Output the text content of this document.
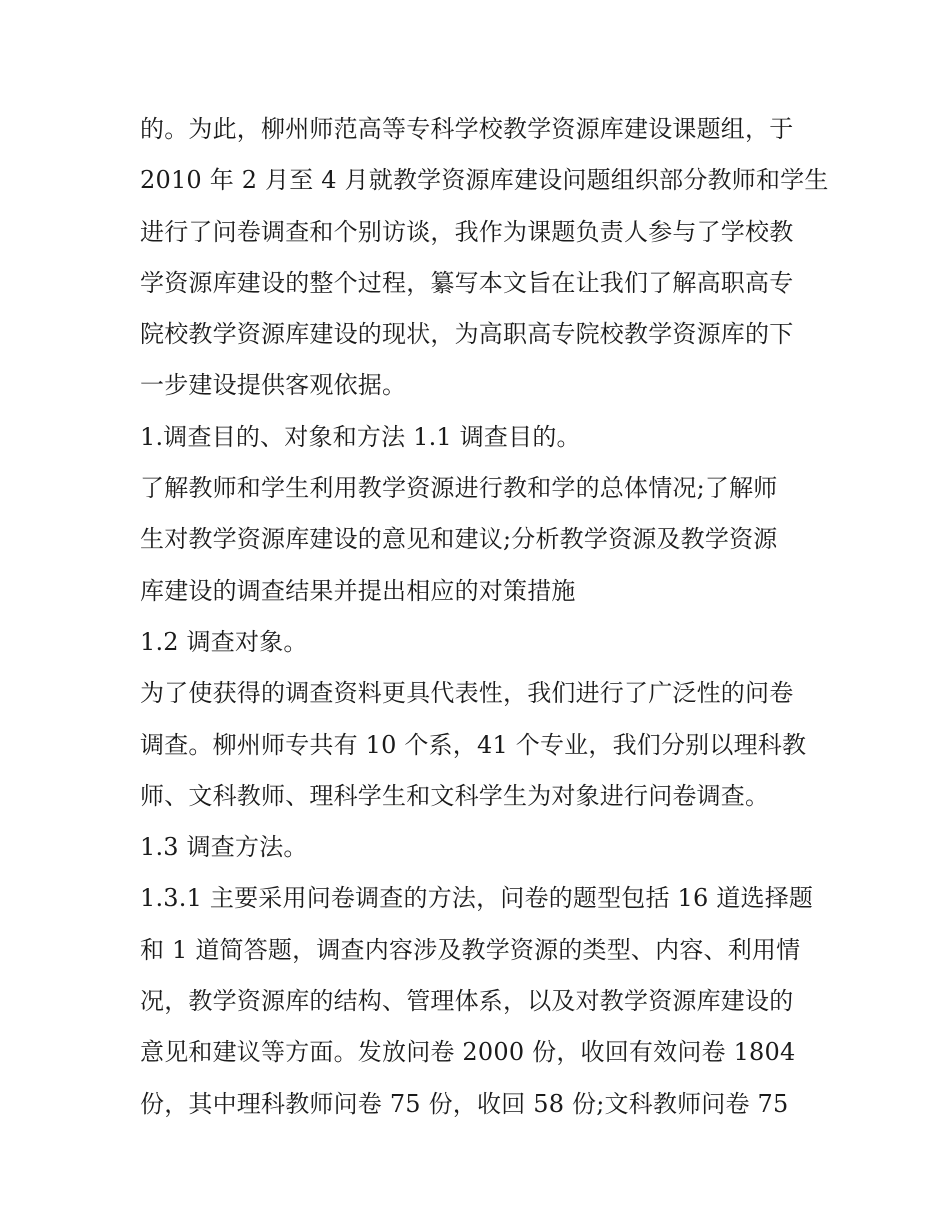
的。为此，柳州师范高等专科学校教学资源库建设课题组，于
2010 年 2 月至 4 月就教学资源库建设问题组织部分教师和学生
进行了问卷调查和个别访谈，我作为课题负责人参与了学校教
学资源库建设的整个过程，纂写本文旨在让我们了解高职高专
院校教学资源库建设的现状，为高职高专院校教学资源库的下
一步建设提供客观依据。
1.调查目的、对象和方法 1.1 调查目的。
了解教师和学生利用教学资源进行教和学的总体情况;了解师
生对教学资源库建设的意见和建议;分析教学资源及教学资源
库建设的调查结果并提出相应的对策措施
1.2 调查对象。
为了使获得的调查资料更具代表性，我们进行了广泛性的问卷
调查。柳州师专共有 10 个系，41 个专业，我们分别以理科教
师、文科教师、理科学生和文科学生为对象进行问卷调查。
1.3 调查方法。
1.3.1 主要采用问卷调查的方法，问卷的题型包括 16 道选择题
和 1 道简答题，调查内容涉及教学资源的类型、内容、利用情
况，教学资源库的结构、管理体系，以及对教学资源库建设的
意见和建议等方面。发放问卷 2000 份，收回有效问卷 1804
份，其中理科教师问卷 75 份，收回 58 份;文科教师问卷 75
